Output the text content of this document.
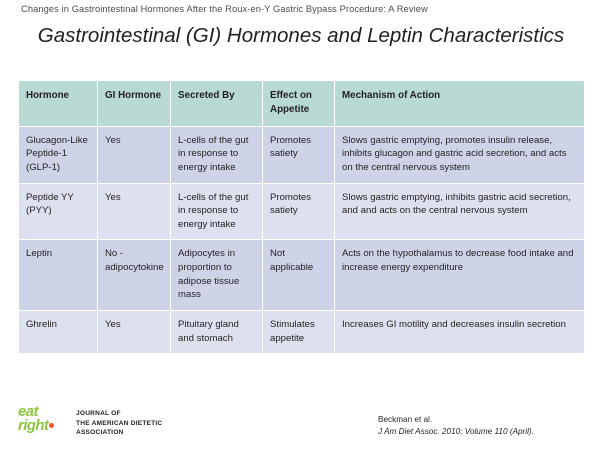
Changes in Gastrointestinal Hormones After the Roux-en-Y Gastric Bypass Procedure: A Review
Gastrointestinal (GI) Hormones and Leptin Characteristics
Hormone	GI Hormone	Secreted By	Effect on Appetite	Mechanism of Action
Glucagon-Like Peptide-1 (GLP-1)	Yes	L-cells of the gut in response to energy intake	Promotes satiety	Slows gastric emptying, promotes insulin release, inhibits glucagon and gastric acid secretion, and acts on the central nervous system
Peptide YY (PYY)	Yes	L-cells of the gut in response to energy intake	Promotes satiety	Slows gastric emptying, inhibits gastric acid secretion, and and acts on the central nervous system
Leptin	No - adipocytokine	Adipocytes in proportion to adipose tissue mass	Not applicable	Acts on the hypothalamus to decrease food intake and increase energy expenditure
Ghrelin	Yes	Pituitary gland and stomach	Stimulates appetite	Increases GI motility and decreases insulin secretion
eat
right
JOURNAL OF
THE AMERICAN DIETETIC
ASSOCIATION
Beckman et al.
J Am Diet Assoc. 2010; Volume 110 (April).
